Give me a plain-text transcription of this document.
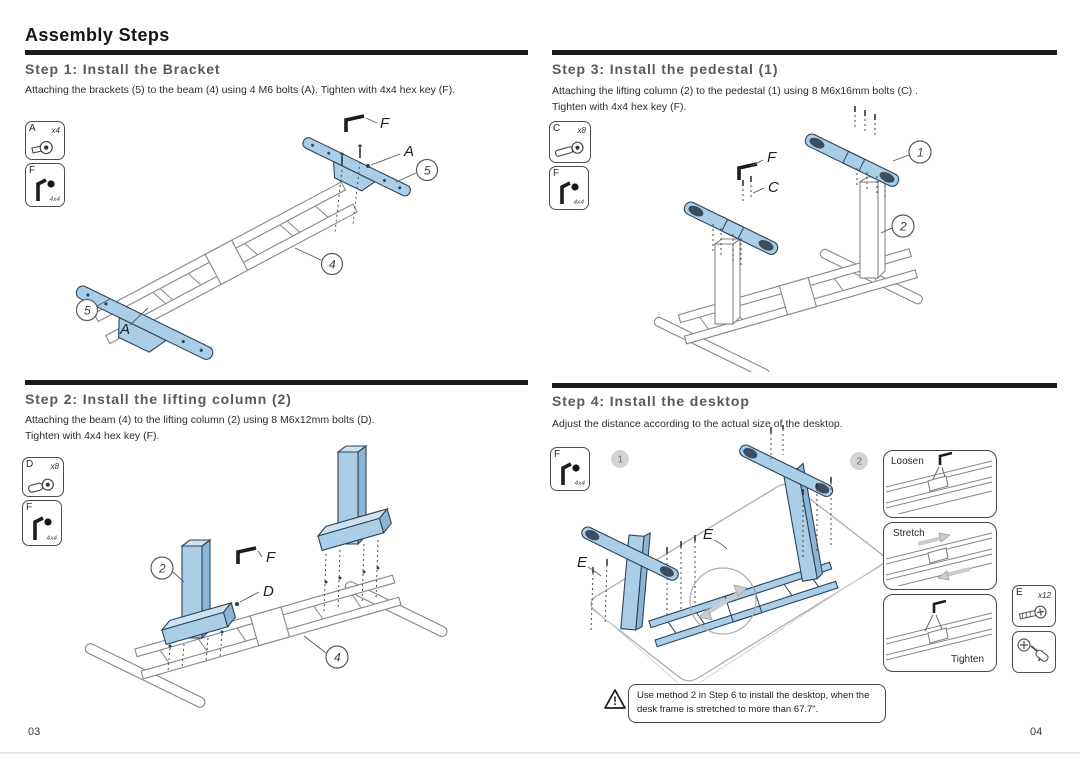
Assembly Steps
Step 1: Install the Bracket
Attaching the brackets (5) to the beam (4) using 4 M6 bolts (A). Tighten with 4x4 hex key (F).
A x4
F
4x4
F
A
5
4
5
A
Step 2: Install the lifting column (2)
Attaching the beam (4) to the lifting column (2) using 8 M6x12mm bolts (D).
Tighten with 4x4 hex key (F).
D x8
F
4x4
2
F
D
4
Step 3: Install the pedestal (1)
Attaching the lifting column (2) to the pedestal (1) using 8 M6x16mm bolts (C) .
Tighten with 4x4 hex key (F).
C x8
F
4x4
F
C
1
2
Step 4: Install the desktop
Adjust the distance according to the actual size of the desktop.
F
4x4
E
E
1	2	Loosen
Stretch
Tighten
E x12
!	Use method 2 in Step 6 to install the desktop, when the desk frame is stretched to more than 67.7".
03	04
